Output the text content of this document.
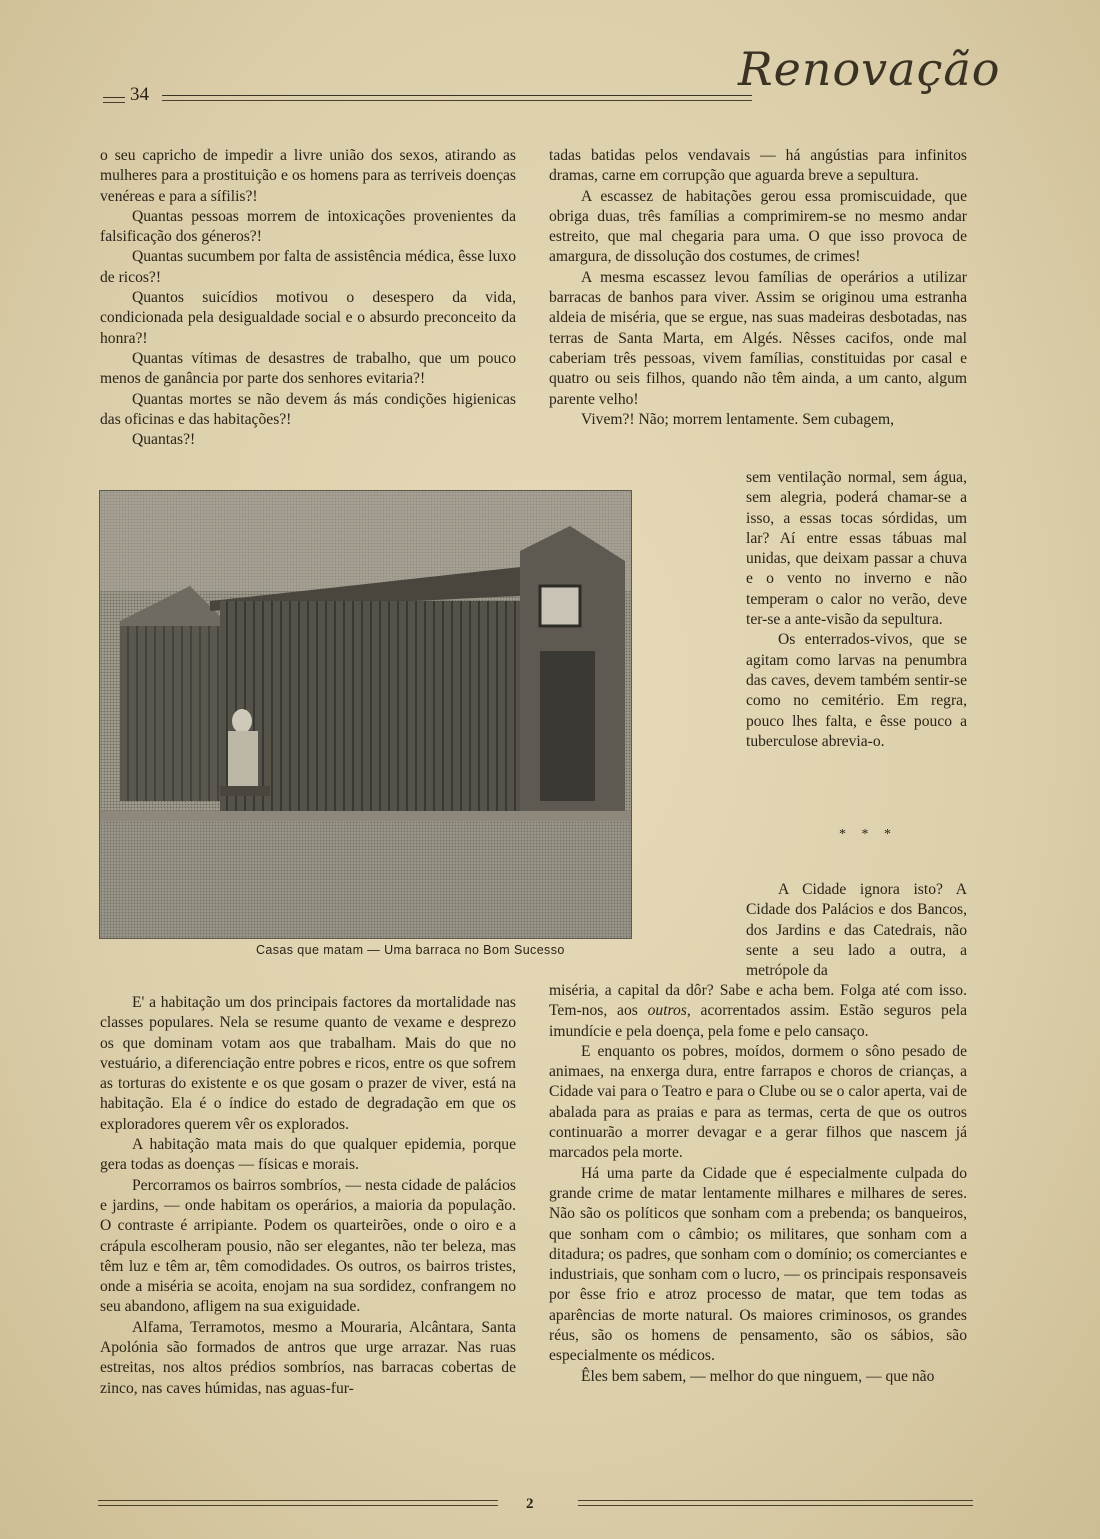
34	Renovação

o seu capricho de impedir a livre união dos sexos, atirando as mulheres para a prostituição e os homens para as terriveis doenças venéreas e para a sífilis?!

Quantas pessoas morrem de intoxicações provenientes da falsificação dos géneros?!

Quantas sucumbem por falta de assistência médica, êsse luxo de ricos?!

Quantos suicídios motivou o desespero da vida, condicionada pela desigualdade social e o absurdo preconceito da honra?!

Quantas vítimas de desastres de trabalho, que um pouco menos de ganância por parte dos senhores evitaria?!

Quantas mortes se não devem ás más condições higienicas das oficinas e das habitações?!

Quantas?!

tadas batidas pelos vendavais — há angústias para infinitos dramas, carne em corrupção que aguarda breve a sepultura.

A escassez de habitações gerou essa promiscuidade, que obriga duas, três famílias a comprimirem-se no mesmo andar estreito, que mal chegaria para uma. O que isso provoca de amargura, de dissolução dos costumes, de crimes!

A mesma escassez levou famílias de operários a utilizar barracas de banhos para viver. Assim se originou uma estranha aldeia de miséria, que se ergue, nas suas madeiras desbotadas, nas terras de Santa Marta, em Algés. Nêsses cacifos, onde mal caberiam três pessoas, vivem famílias, constituidas por casal e quatro ou seis filhos, quando não têm ainda, a um canto, algum parente velho!

Vivem?! Não; morrem lentamente. Sem cubagem,

sem ventilação normal, sem água, sem alegria, poderá chamar-se a isso, a essas tocas sórdidas, um lar? Aí entre essas tábuas mal unidas, que deixam passar a chuva e o vento no inverno e não temperam o calor no verão, deve ter-se a ante-visão da sepultura.

Os enterrados-vivos, que se agitam como larvas na penumbra das caves, devem também sentir-se como no cemitério. Em regra, pouco lhes falta, e êsse pouco a tuberculose abrevia-o.

* * *

A Cidade ignora isto? A Cidade dos Palácios e dos Bancos, dos Jardins e das Catedrais, não sente a seu lado a outra, a metrópole da

Casas que matam — Uma barraca no Bom Sucesso

miséria, a capital da dôr? Sabe e acha bem. Folga até com isso. Tem-nos, aos outros, acorrentados assim. Estão seguros pela imundície e pela doença, pela fome e pelo cansaço.

E enquanto os pobres, moídos, dormem o sôno pesado de animaes, na enxerga dura, entre farrapos e choros de crianças, a Cidade vai para o Teatro e para o Clube ou se o calor aperta, vai de abalada para as praias e para as termas, certa de que os outros continuarão a morrer devagar e a gerar filhos que nascem já marcados pela morte.

Há uma parte da Cidade que é especialmente culpada do grande crime de matar lentamente milhares e milhares de seres. Não são os políticos que sonham com a prebenda; os banqueiros, que sonham com o câmbio; os militares, que sonham com a ditadura; os padres, que sonham com o domínio; os comerciantes e industriais, que sonham com o lucro, — os principais responsaveis por êsse frio e atroz processo de matar, que tem todas as aparências de morte natural. Os maiores criminosos, os grandes réus, são os homens de pensamento, são os sábios, são especialmente os médicos.

Êles bem sabem, — melhor do que ninguem, — que não

E' a habitação um dos principais factores da mortalidade nas classes populares. Nela se resume quanto de vexame e desprezo os que dominam votam aos que trabalham. Mais do que no vestuário, a diferenciação entre pobres e ricos, entre os que sofrem as torturas do existente e os que gosam o prazer de viver, está na habitação. Ela é o índice do estado de degradação em que os exploradores querem vêr os explorados.

A habitação mata mais do que qualquer epidemia, porque gera todas as doenças — físicas e morais.

Percorramos os bairros sombríos, — nesta cidade de palácios e jardins, — onde habitam os operários, a maioria da população. O contraste é arripiante. Podem os quarteirões, onde o oiro e a crápula escolheram pousio, não ser elegantes, não ter beleza, mas têm luz e têm ar, têm comodidades. Os outros, os bairros tristes, onde a miséria se acoita, enojam na sua sordidez, confrangem no seu abandono, afligem na sua exiguidade.

Alfama, Terramotos, mesmo a Mouraria, Alcântara, Santa Apolónia são formados de antros que urge arrazar. Nas ruas estreitas, nos altos prédios sombríos, nas barracas cobertas de zinco, nas caves húmidas, nas aguas-fur-

2
